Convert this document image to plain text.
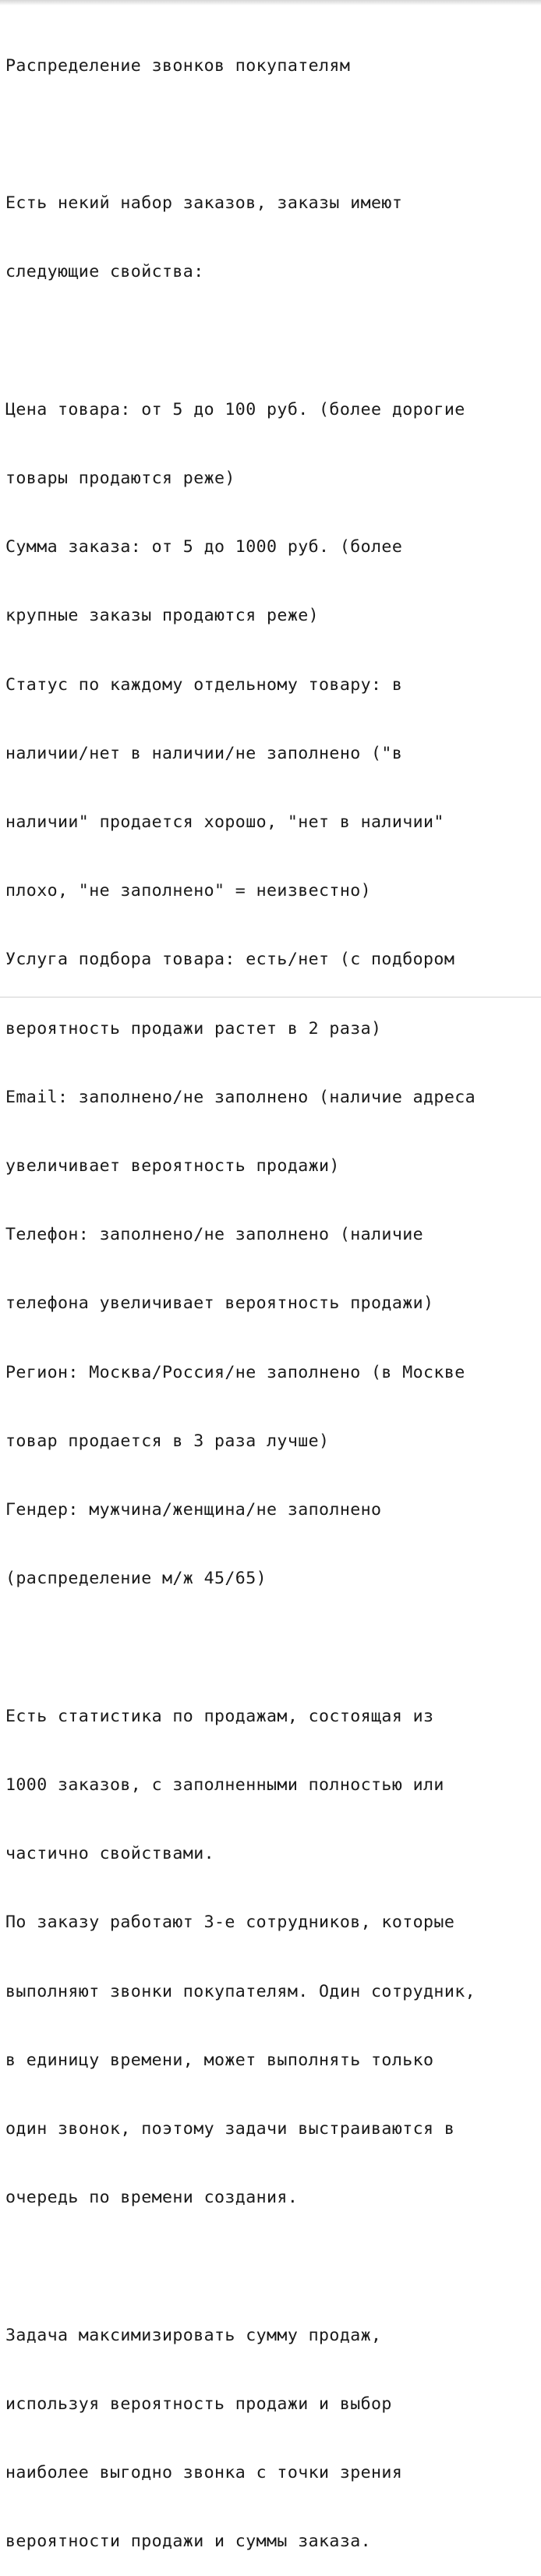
Распределение звонков покупателям

Есть некий набор заказов, заказы имеют

следующие свойства:

Цена товара: от 5 до 100 руб. (более дорогие

товары продаются реже)

Сумма заказа: от 5 до 1000 руб. (более

крупные заказы продаются реже)

Статус по каждому отдельному товару: в

наличии/нет в наличии/не заполнено ("в

наличии" продается хорошо, "нет в наличии"

плохо, "не заполнено" = неизвестно)

Услуга подбора товара: есть/нет (с подбором

вероятность продажи растет в 2 раза)

Email: заполнено/не заполнено (наличие адреса

увеличивает вероятность продажи)

Телефон: заполнено/не заполнено (наличие

телефона увеличивает вероятность продажи)

Регион: Москва/Россия/не заполнено (в Москве

товар продается в 3 раза лучше)

Гендер: мужчина/женщина/не заполнено

(распределение м/ж 45/65)

Есть статистика по продажам, состоящая из

1000 заказов, с заполненными полностью или

частично свойствами.

По заказу работают 3-е сотрудников, которые

выполняют звонки покупателям. Один сотрудник,

в единицу времени, может выполнять только

один звонок, поэтому задачи выстраиваются в

очередь по времени создания.

Задача максимизировать сумму продаж,

используя вероятность продажи и выбор

наиболее выгодно звонка с точки зрения

вероятности продажи и суммы заказа.
